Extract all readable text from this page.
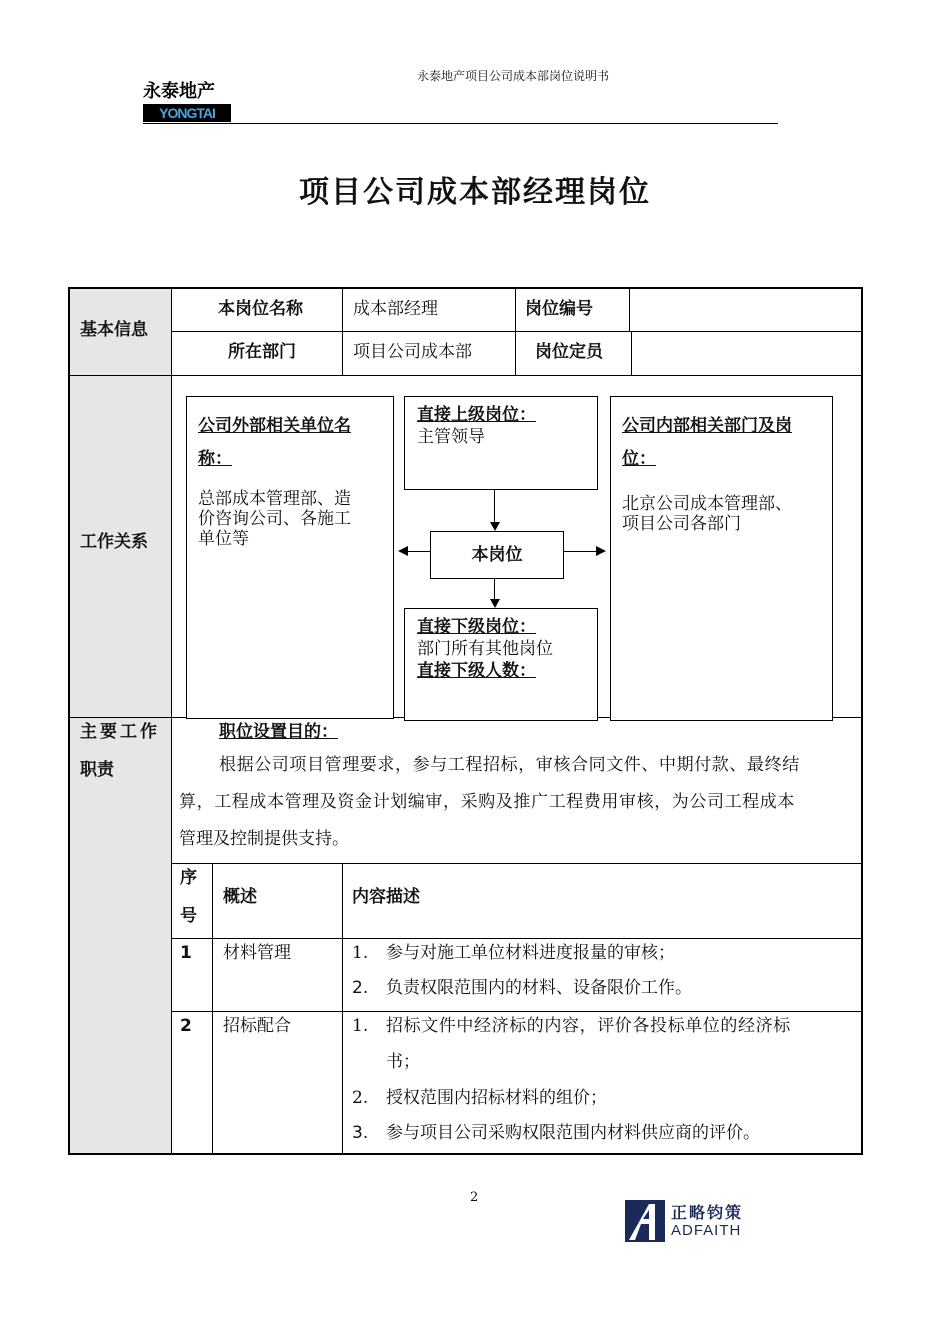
永泰地产
YONGTAI
永泰地产项目公司成本部岗位说明书
项目公司成本部经理岗位
基本信息
本岗位名称	成本部经理	岗位编号
所在部门	项目公司成本部	岗位定员
工作关系
公司外部相关单位名
称：
总部成本管理部、造
价咨询公司、各施工
单位等
直接上级岗位：
主管领导
公司内部相关部门及岗
位：
北京公司成本管理部、
项目公司各部门
本岗位
直接下级岗位：
部门所有其他岗位
直接下级人数：
主要工作
职责
职位设置目的：
根据公司项目管理要求，参与工程招标，审核合同文件、中期付款、最终结
算，工程成本管理及资金计划编审，采购及推广工程费用审核，为公司工程成本
管理及控制提供支持。
序
号
概述	内容描述
1 材料管理	1. 参与对施工单位材料进度报量的审核；
2. 负责权限范围内的材料、设备限价工作。
2 招标配合	1. 招标文件中经济标的内容，评价各投标单位的经济标
书；
2. 授权范围内招标材料的组价；
3. 参与项目公司采购权限范围内材料供应商的评价。
2
正略钧策
ADFAITH
